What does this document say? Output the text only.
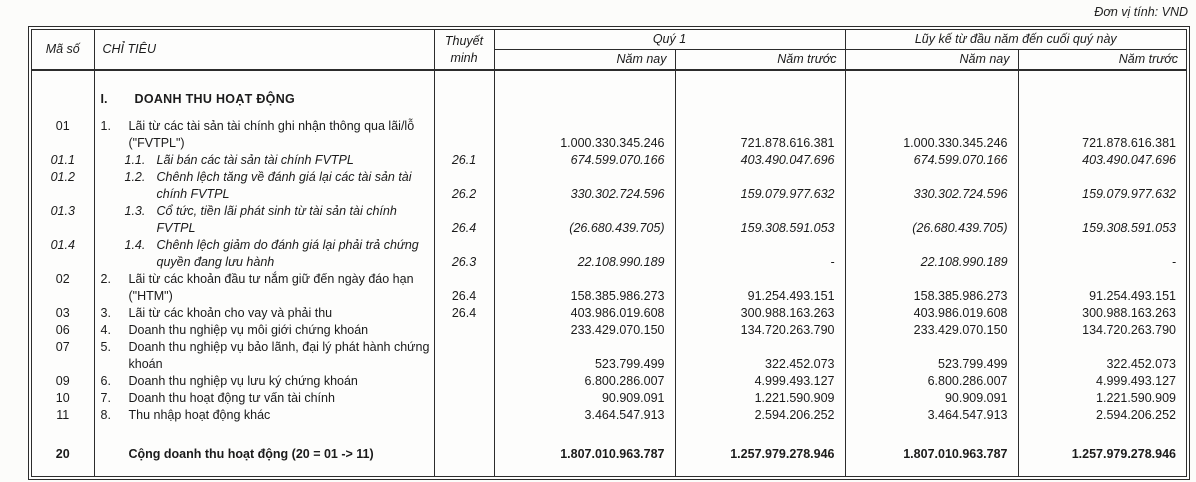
Đơn vị tính: VND
Mã số	CHỈ TIÊU	Thuyết minh	Quý 1		Lũy kế từ đầu năm đến cuối quý này	
			Năm nay	Năm trước	Năm nay	Năm trước

	I. DOANH THU HOẠT ĐỘNG					

01	1. Lãi từ các tài sản tài chính ghi nhận thông qua lãi/lỗ ("FVTPL")		1.000.330.345.246	721.878.616.381	1.000.330.345.246	721.878.616.381
01.1	1.1. Lãi bán các tài sản tài chính FVTPL	26.1	674.599.070.166	403.490.047.696	674.599.070.166	403.490.047.696
01.2	1.2. Chênh lệch tăng về đánh giá lại các tài sản tài chính FVTPL	26.2	330.302.724.596	159.079.977.632	330.302.724.596	159.079.977.632
01.3	1.3. Cổ tức, tiền lãi phát sinh từ tài sản tài chính FVTPL	26.4	(26.680.439.705)	159.308.591.053	(26.680.439.705)	159.308.591.053
01.4	1.4. Chênh lệch giảm do đánh giá lại phải trả chứng quyền đang lưu hành	26.3	22.108.990.189	-	22.108.990.189	-
02	2. Lãi từ các khoản đầu tư nắm giữ đến ngày đáo hạn ("HTM")	26.4	158.385.986.273	91.254.493.151	158.385.986.273	91.254.493.151
03	3. Lãi từ các khoản cho vay và phải thu	26.4	403.986.019.608	300.988.163.263	403.986.019.608	300.988.163.263
06	4. Doanh thu nghiệp vụ môi giới chứng khoán		233.429.070.150	134.720.263.790	233.429.070.150	134.720.263.790
07	5. Doanh thu nghiệp vụ bảo lãnh, đại lý phát hành chứng khoán		523.799.499	322.452.073	523.799.499	322.452.073
09	6. Doanh thu nghiệp vụ lưu ký chứng khoán		6.800.286.007	4.999.493.127	6.800.286.007	4.999.493.127
10	7. Doanh thu hoạt động tư vấn tài chính		90.909.091	1.221.590.909	90.909.091	1.221.590.909
11	8. Thu nhập hoạt động khác		3.464.547.913	2.594.206.252	3.464.547.913	2.594.206.252
20	Cộng doanh thu hoạt động (20 = 01 -> 11)		1.807.010.963.787	1.257.979.278.946	1.807.010.963.787	1.257.979.278.946
